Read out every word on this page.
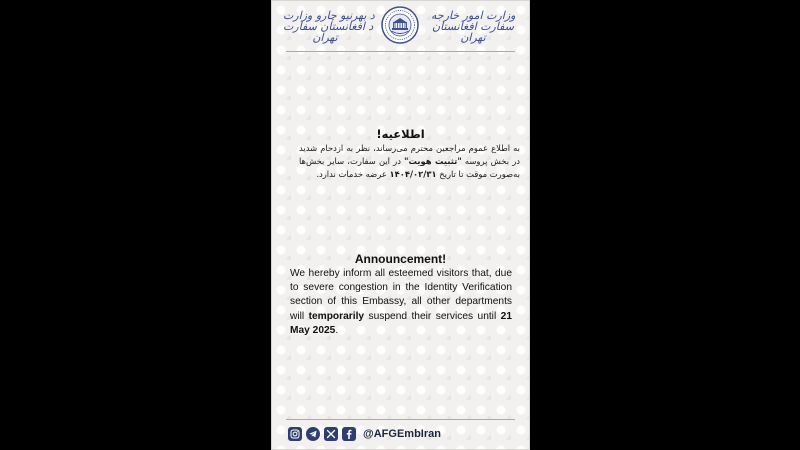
د بهرنیو چارو وزارت
د افغانستان سفارت
تهران
وزارت امور خارجه
سفارت افغانستان
تهران
اطلاعیه!
به اطلاع عموم مراجعین محترم می‌رساند، نظر به ازدحام شدید در بخش پروسه "تثبیت هویت" در این سفارت، سایر بخش‌ها به‌صورت موقت تا تاریخ ۱۴۰۴/۰۲/۳۱ عرضه خدمات ندارد.
Announcement!
We hereby inform all esteemed visitors that, due to severe congestion in the Identity Verification section of this Embassy, all other departments will temporarily suspend their services until 21 May 2025.
@AFGEmbIran
